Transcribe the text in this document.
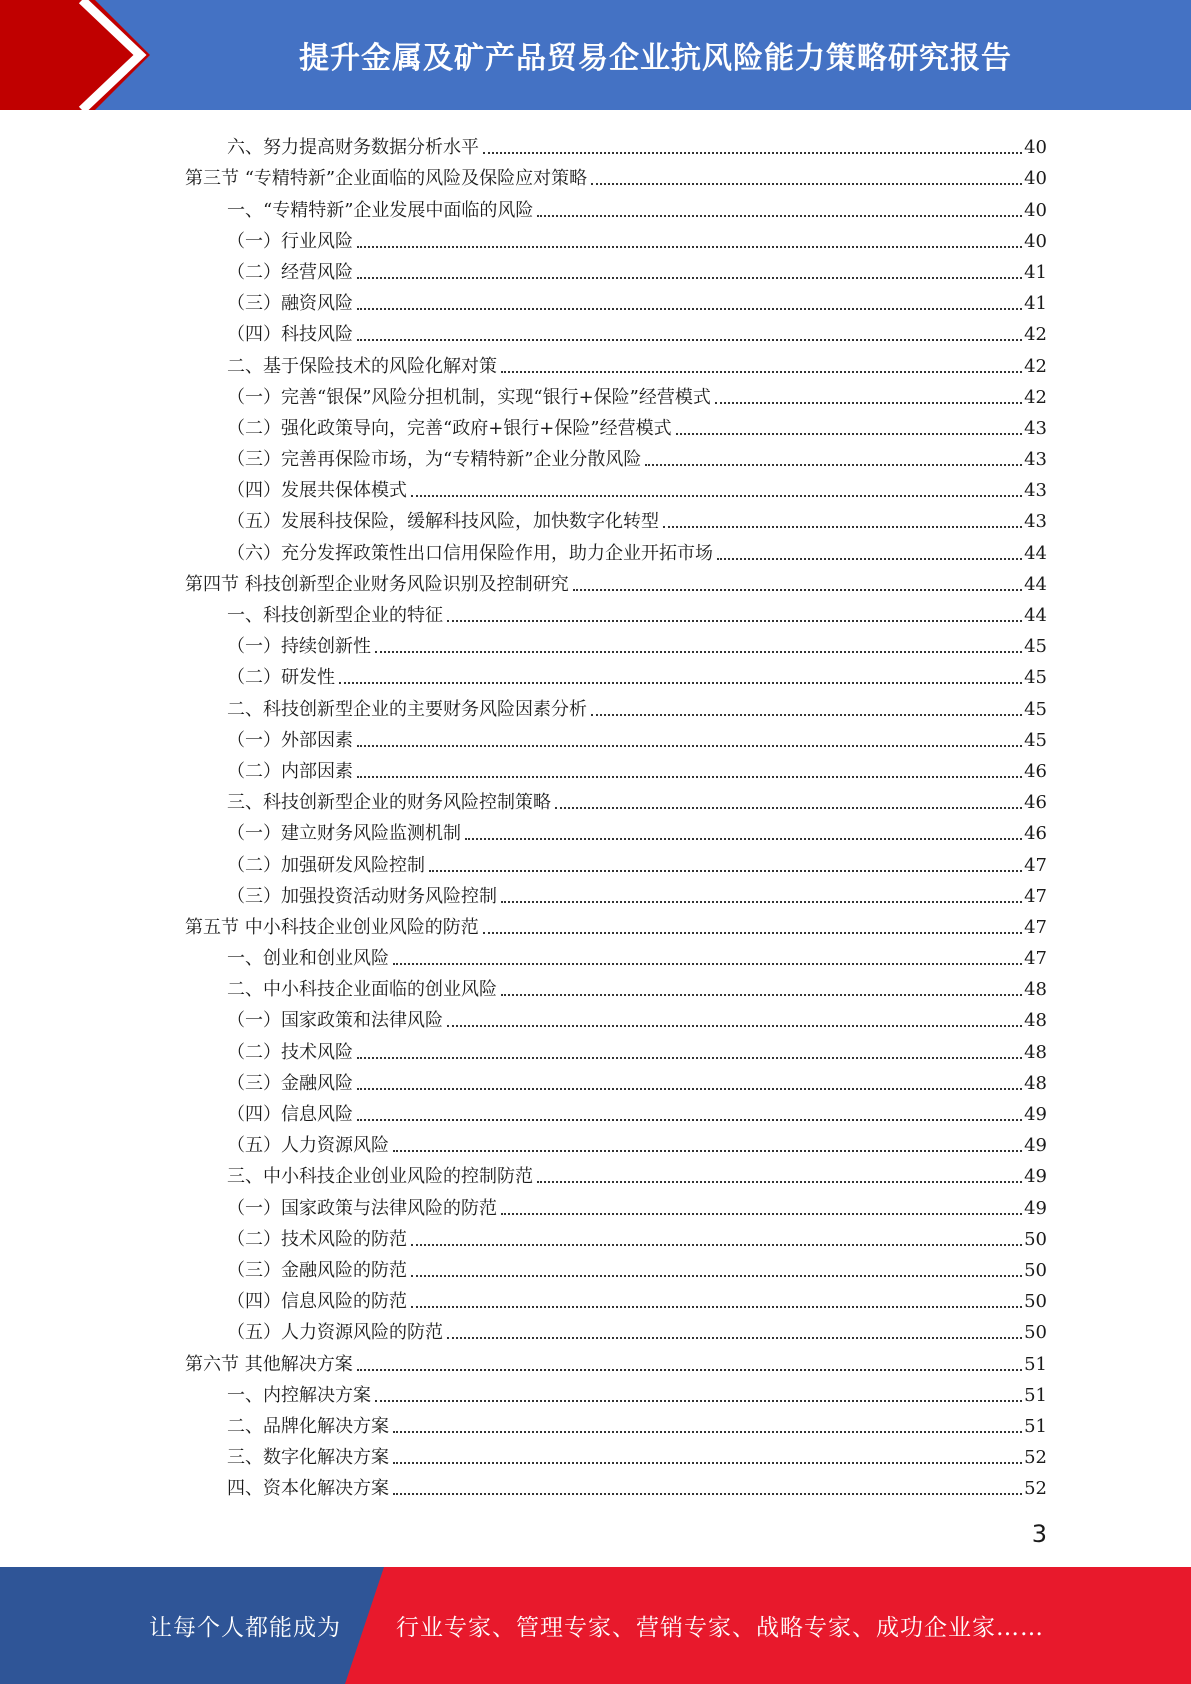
提升金属及矿产品贸易企业抗风险能力策略研究报告
六、努力提高财务数据分析水平	40
第三节 “专精特新”企业面临的风险及保险应对策略	40
一、“专精特新”企业发展中面临的风险	40
（一）行业风险	40
（二）经营风险	41
（三）融资风险	41
（四）科技风险	42
二、基于保险技术的风险化解对策	42
（一）完善“银保”风险分担机制，实现“银行+保险”经营模式	42
（二）强化政策导向，完善“政府+银行+保险”经营模式	43
（三）完善再保险市场，为“专精特新”企业分散风险	43
（四）发展共保体模式	43
（五）发展科技保险，缓解科技风险，加快数字化转型	43
（六）充分发挥政策性出口信用保险作用，助力企业开拓市场	44
第四节 科技创新型企业财务风险识别及控制研究	44
一、科技创新型企业的特征	44
（一）持续创新性	45
（二）研发性	45
二、科技创新型企业的主要财务风险因素分析	45
（一）外部因素	45
（二）内部因素	46
三、科技创新型企业的财务风险控制策略	46
（一）建立财务风险监测机制	46
（二）加强研发风险控制	47
（三）加强投资活动财务风险控制	47
第五节 中小科技企业创业风险的防范	47
一、创业和创业风险	47
二、中小科技企业面临的创业风险	48
（一）国家政策和法律风险	48
（二）技术风险	48
（三）金融风险	48
（四）信息风险	49
（五）人力资源风险	49
三、中小科技企业创业风险的控制防范	49
（一）国家政策与法律风险的防范	49
（二）技术风险的防范	50
（三）金融风险的防范	50
（四）信息风险的防范	50
（五）人力资源风险的防范	50
第六节 其他解决方案	51
一、内控解决方案	51
二、品牌化解决方案	51
三、数字化解决方案	52
四、资本化解决方案	52
3
让每个人都能成为	行业专家、管理专家、营销专家、战略专家、成功企业家……
